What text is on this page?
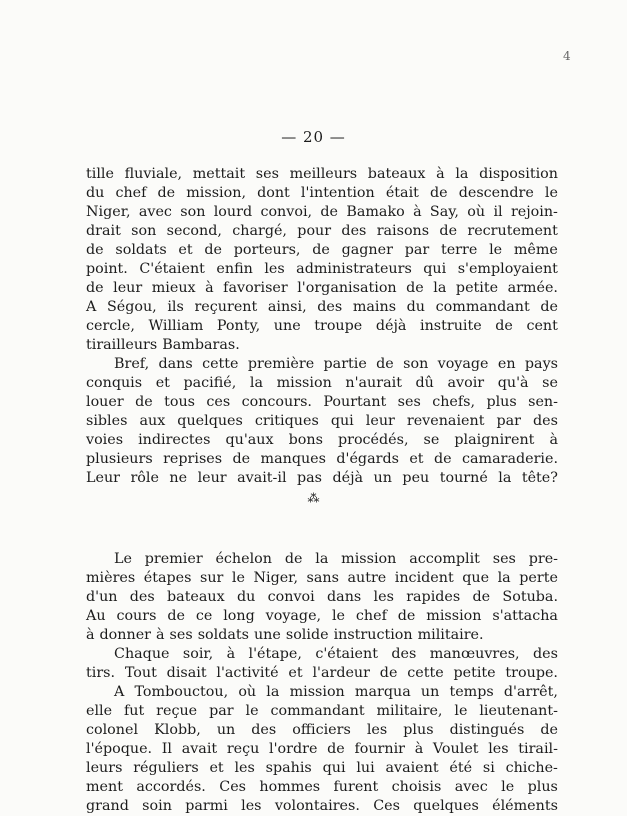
4
— 20 —
tille fluviale, mettait ses meilleurs bateaux à la disposition
du chef de mission, dont l'intention était de descendre le
Niger, avec son lourd convoi, de Bamako à Say, où il rejoin-
drait son second, chargé, pour des raisons de recrutement
de soldats et de porteurs, de gagner par terre le même
point. C'étaient enfin les administrateurs qui s'employaient
de leur mieux à favoriser l'organisation de la petite armée.
A Ségou, ils reçurent ainsi, des mains du commandant de
cercle, William Ponty, une troupe déjà instruite de cent
tirailleurs Bambaras.
Bref, dans cette première partie de son voyage en pays
conquis et pacifié, la mission n'aurait dû avoir qu'à se
louer de tous ces concours. Pourtant ses chefs, plus sen-
sibles aux quelques critiques qui leur revenaient par des
voies indirectes qu'aux bons procédés, se plaignirent à
plusieurs reprises de manques d'égards et de camaraderie.
Leur rôle ne leur avait-il pas déjà un peu tourné la tête?
⁂
Le premier échelon de la mission accomplit ses pre-
mières étapes sur le Niger, sans autre incident que la perte
d'un des bateaux du convoi dans les rapides de Sotuba.
Au cours de ce long voyage, le chef de mission s'attacha
à donner à ses soldats une solide instruction militaire.
Chaque soir, à l'étape, c'étaient des manœuvres, des
tirs. Tout disait l'activité et l'ardeur de cette petite troupe.
A Tombouctou, où la mission marqua un temps d'arrêt,
elle fut reçue par le commandant militaire, le lieutenant-
colonel Klobb, un des officiers les plus distingués de
l'époque. Il avait reçu l'ordre de fournir à Voulet les tirail-
leurs réguliers et les spahis qui lui avaient été si chiche-
ment accordés. Ces hommes furent choisis avec le plus
grand soin parmi les volontaires. Ces quelques éléments
